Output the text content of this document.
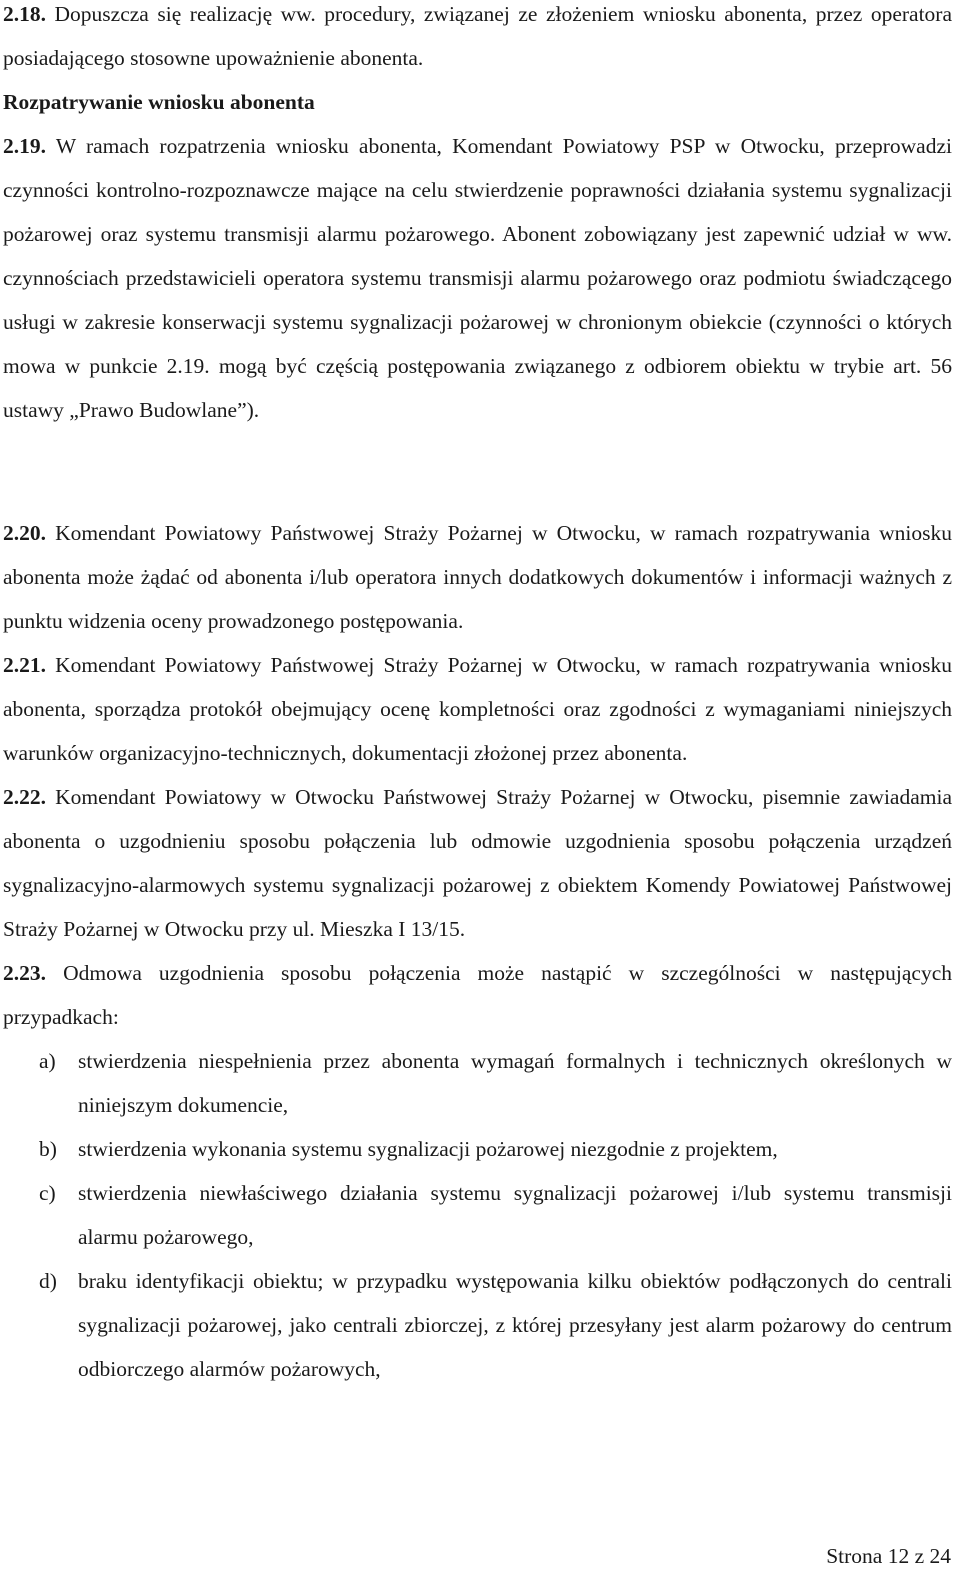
2.18. Dopuszcza się realizację ww. procedury, związanej ze złożeniem wniosku abonenta, przez operatora posiadającego stosowne upoważnienie abonenta.

Rozpatrywanie wniosku abonenta

2.19. W ramach rozpatrzenia wniosku abonenta, Komendant Powiatowy PSP w Otwocku, przeprowadzi czynności kontrolno-rozpoznawcze mające na celu stwierdzenie poprawności działania systemu sygnalizacji pożarowej oraz systemu transmisji alarmu pożarowego. Abonent zobowiązany jest zapewnić udział w ww. czynnościach przedstawicieli operatora systemu transmisji alarmu pożarowego oraz podmiotu świadczącego usługi w zakresie konserwacji systemu sygnalizacji pożarowej w chronionym obiekcie (czynności o których mowa w punkcie 2.19. mogą być częścią postępowania związanego z odbiorem obiektu w trybie art. 56 ustawy „Prawo Budowlane”).

2.20. Komendant Powiatowy Państwowej Straży Pożarnej w Otwocku, w ramach rozpatrywania wniosku abonenta może żądać od abonenta i/lub operatora innych dodatkowych dokumentów i informacji ważnych z punktu widzenia oceny prowadzonego postępowania.

2.21. Komendant Powiatowy Państwowej Straży Pożarnej w Otwocku, w ramach rozpatrywania wniosku abonenta, sporządza protokół obejmujący ocenę kompletności oraz zgodności z wymaganiami niniejszych warunków organizacyjno-technicznych, dokumentacji złożonej przez abonenta.

2.22. Komendant Powiatowy w Otwocku Państwowej Straży Pożarnej w Otwocku, pisemnie zawiadamia abonenta o uzgodnieniu sposobu połączenia lub odmowie uzgodnienia sposobu połączenia urządzeń sygnalizacyjno-alarmowych systemu sygnalizacji pożarowej z obiektem Komendy Powiatowej Państwowej Straży Pożarnej w Otwocku przy ul. Mieszka I 13/15.

2.23. Odmowa uzgodnienia sposobu połączenia może nastąpić w szczególności w następujących przypadkach:

a) stwierdzenia niespełnienia przez abonenta wymagań formalnych i technicznych określonych w niniejszym dokumencie,
b) stwierdzenia wykonania systemu sygnalizacji pożarowej niezgodnie z projektem,
c) stwierdzenia niewłaściwego działania systemu sygnalizacji pożarowej i/lub systemu transmisji alarmu pożarowego,
d) braku identyfikacji obiektu; w przypadku występowania kilku obiektów podłączonych do centrali sygnalizacji pożarowej, jako centrali zbiorczej, z której przesyłany jest alarm pożarowy do centrum odbiorczego alarmów pożarowych,
Strona 12 z 24
